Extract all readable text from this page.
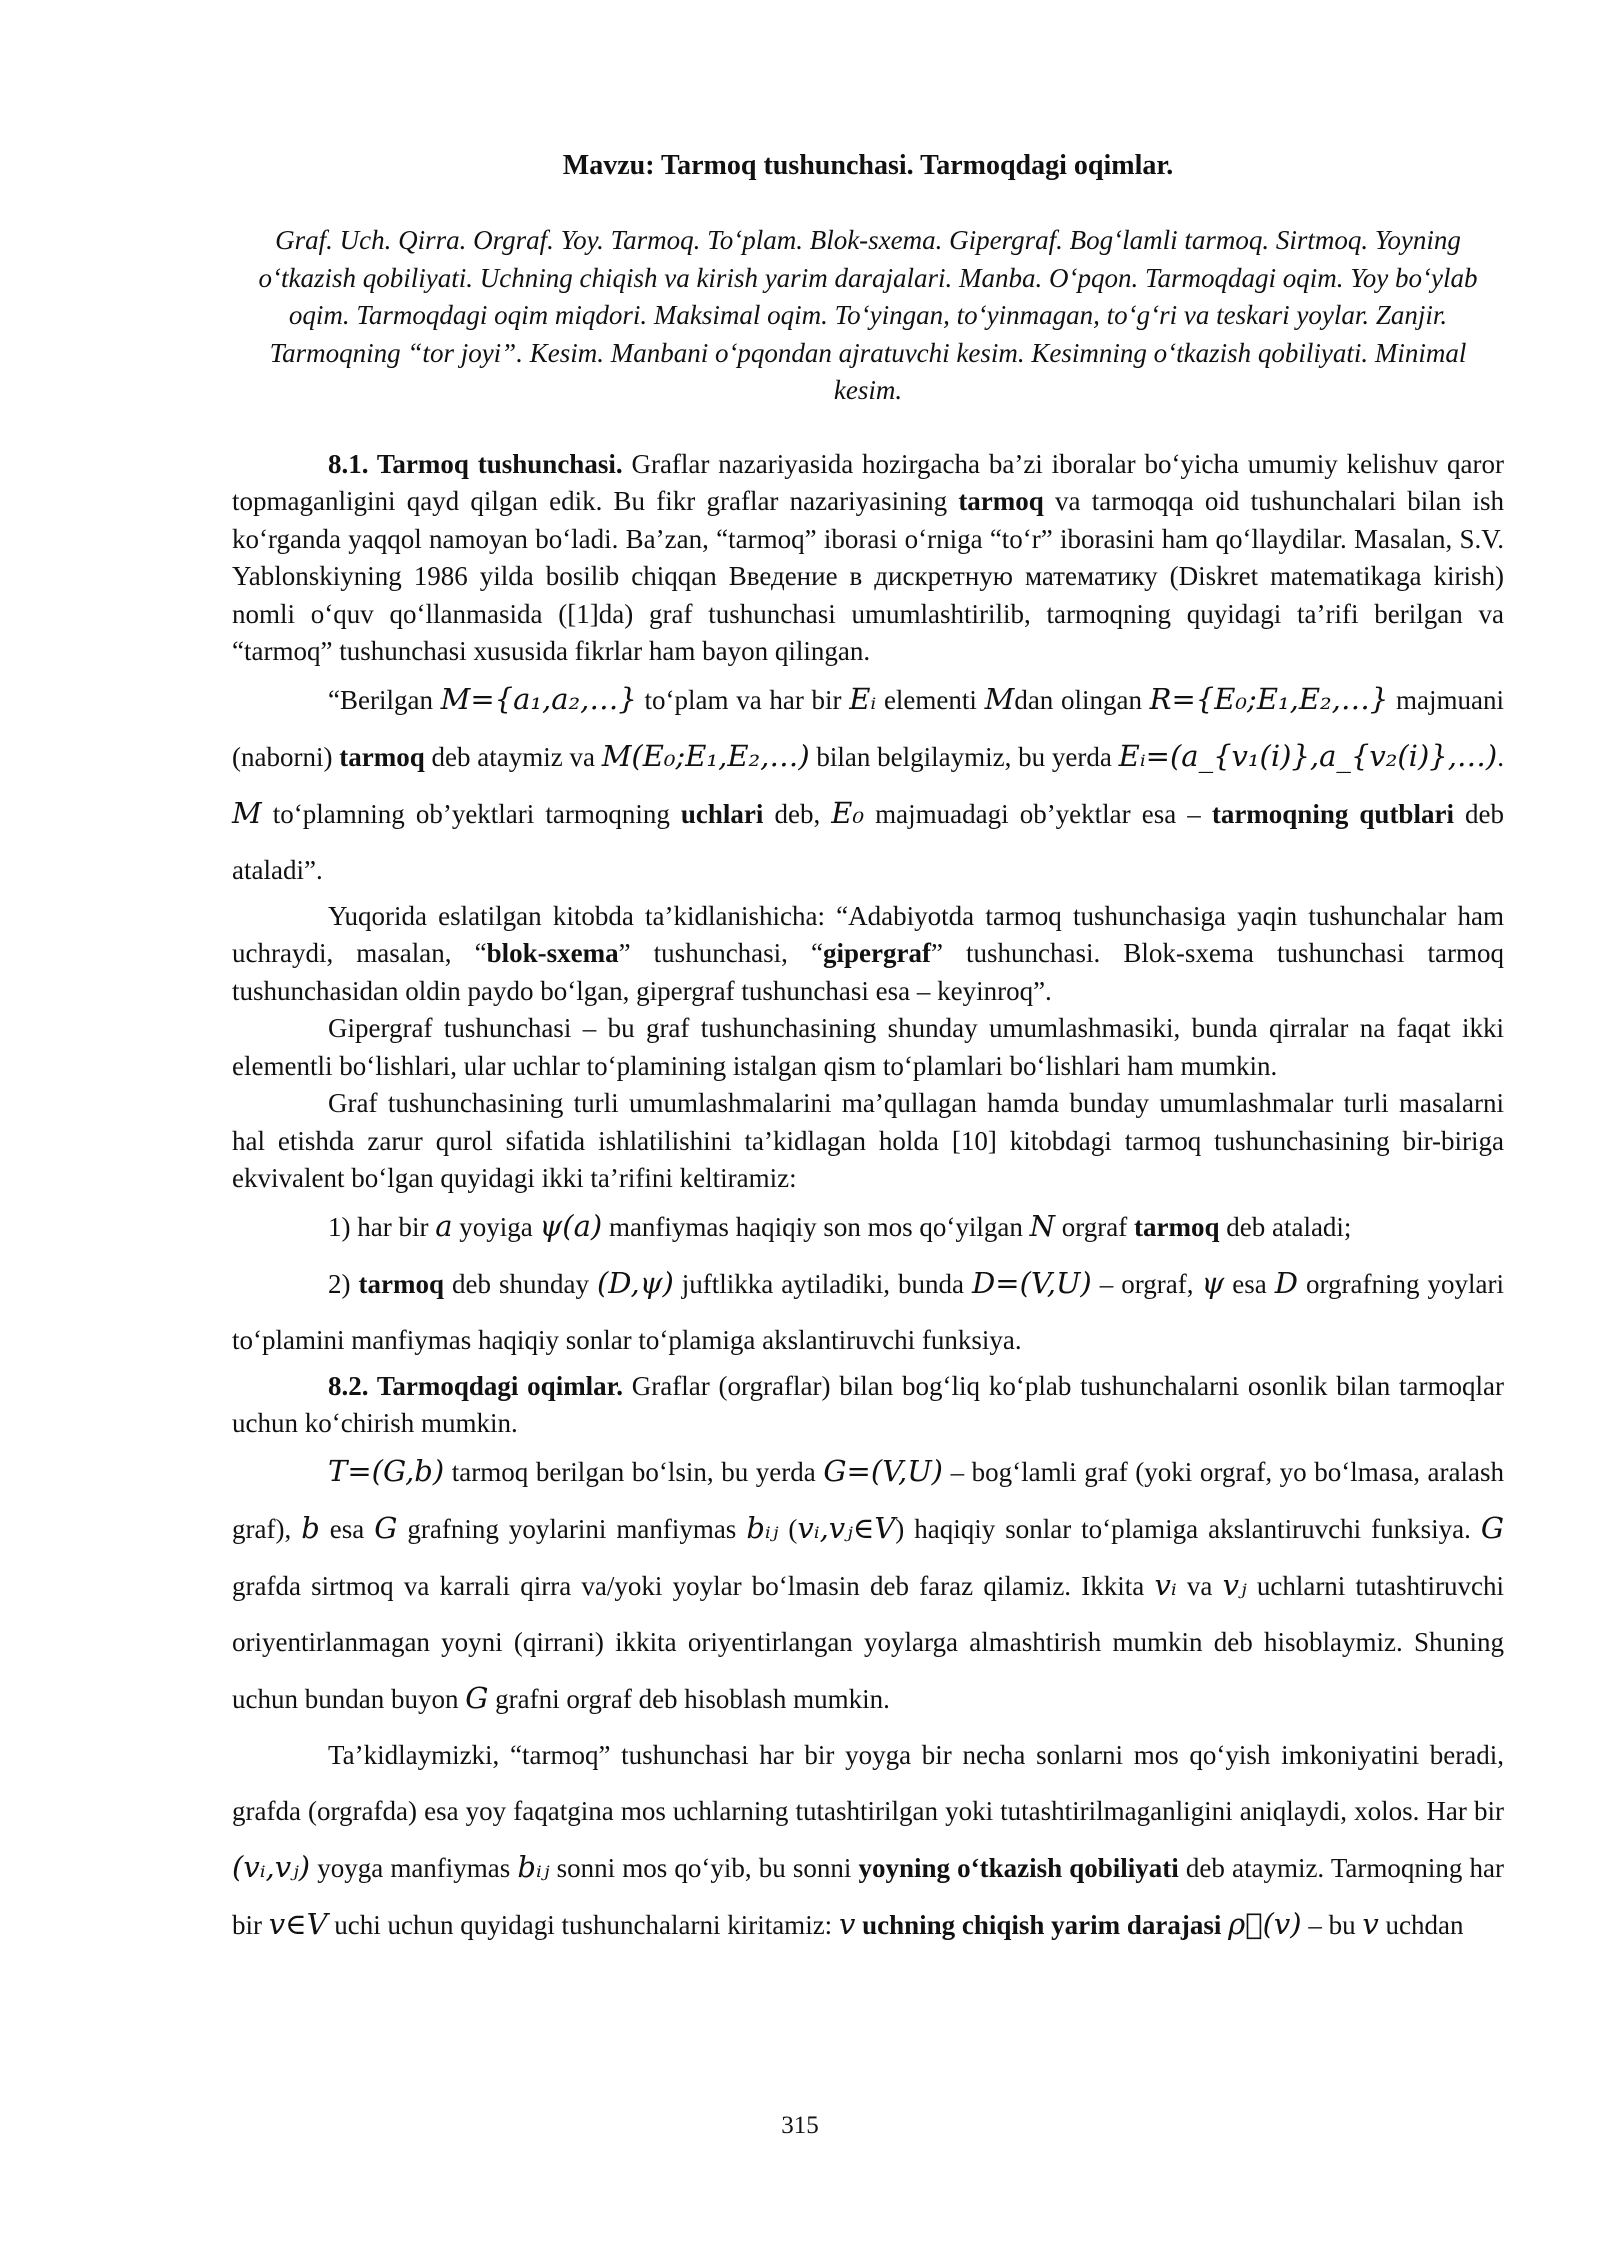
Mavzu: Tarmoq tushunchasi. Tarmoqdagi oqimlar.

Graf. Uch. Qirra. Orgraf. Yoy. Tarmoq. To‘plam. Blok-sxema. Gipergraf. Bog‘lamli tarmoq. Sirtmoq. Yoyning o‘tkazish qobiliyati. Uchning chiqish va kirish yarim darajalari. Manba. O‘pqon. Tarmoqdagi oqim. Yoy bo‘ylab oqim. Tarmoqdagi oqim miqdori. Maksimal oqim. To‘yingan, to‘yinmagan, to‘g‘ri va teskari yoylar. Zanjir. Tarmoqning “tor joyi”. Kesim. Manbani o‘pqondan ajratuvchi kesim. Kesimning o‘tkazish qobiliyati. Minimal kesim.

8.1. Tarmoq tushunchasi. Graflar nazariyasida hozirgacha ba’zi iboralar bo‘yicha umumiy kelishuv qaror topmaganligini qayd qilgan edik. Bu fikr graflar nazariyasining tarmoq va tarmoqqa oid tushunchalari bilan ish ko‘rganda yaqqol namoyan bo‘ladi. Ba’zan, “tarmoq” iborasi o‘rniga “to‘r” iborasini ham qo‘llaydilar. Masalan, S.V. Yablonskiyning 1986 yilda bosilib chiqqan Введение в дискретную математику (Diskret matematikaga kirish) nomli o‘quv qo‘llanmasida ([1]da) graf tushunchasi umumlashtirilib, tarmoqning quyidagi ta’rifi berilgan va “tarmoq” tushunchasi xususida fikrlar ham bayon qilingan.

“Berilgan M={a₁,a₂,…} to‘plam va har bir Eᵢ elementi Mdan olingan R={E₀;E₁,E₂,…} majmuani (naborni) tarmoq deb ataymiz va M(E₀;E₁,E₂,…) bilan belgilaymiz, bu yerda Eᵢ=(a_{v₁(i)},a_{v₂(i)},…). M to‘plamning ob’yektlari tarmoqning uchlari deb, E₀ majmuadagi ob’yektlar esa – tarmoqning qutblari deb ataladi”.

Yuqorida eslatilgan kitobda ta’kidlanishicha: “Adabiyotda tarmoq tushunchasiga yaqin tushunchalar ham uchraydi, masalan, “blok-sxema” tushunchasi, “gipergraf” tushunchasi. Blok-sxema tushunchasi tarmoq tushunchasidan oldin paydo bo‘lgan, gipergraf tushunchasi esa – keyinroq”.

Gipergraf tushunchasi – bu graf tushunchasining shunday umumlashmasiki, bunda qirralar na faqat ikki elementli bo‘lishlari, ular uchlar to‘plamining istalgan qism to‘plamlari bo‘lishlari ham mumkin.

Graf tushunchasining turli umumlashmalarini ma’qullagan hamda bunday umumlashmalar turli masalarni hal etishda zarur qurol sifatida ishlatilishini ta’kidlagan holda [10] kitobdagi tarmoq tushunchasining bir-biriga ekvivalent bo‘lgan quyidagi ikki ta’rifini keltiramiz:

1) har bir a yoyiga ψ(a) manfiymas haqiqiy son mos qo‘yilgan N orgraf tarmoq deb ataladi;

2) tarmoq deb shunday (D,ψ) juftlikka aytiladiki, bunda D=(V,U) – orgraf, ψ esa D orgrafning yoylari to‘plamini manfiymas haqiqiy sonlar to‘plamiga akslantiruvchi funksiya.

8.2. Tarmoqdagi oqimlar. Graflar (orgraflar) bilan bog‘liq ko‘plab tushunchalarni osonlik bilan tarmoqlar uchun ko‘chirish mumkin.

T=(G,b) tarmoq berilgan bo‘lsin, bu yerda G=(V,U) – bog‘lamli graf (yoki orgraf, yo bo‘lmasa, aralash graf), b esa G grafning yoylarini manfiymas bᵢⱼ (vᵢ,vⱼ∈V) haqiqiy sonlar to‘plamiga akslantiruvchi funksiya. G grafda sirtmoq va karrali qirra va/yoki yoylar bo‘lmasin deb faraz qilamiz. Ikkita vᵢ va vⱼ uchlarni tutashtiruvchi oriyentirlanmagan yoyni (qirrani) ikkita oriyentirlangan yoylarga almashtirish mumkin deb hisoblaymiz. Shuning uchun bundan buyon G grafni orgraf deb hisoblash mumkin.

Ta’kidlaymizki, “tarmoq” tushunchasi har bir yoyga bir necha sonlarni mos qo‘yish imkoniyatini beradi, grafda (orgrafda) esa yoy faqatgina mos uchlarning tutashtirilgan yoki tutashtirilmaganligini aniqlaydi, xolos. Har bir (vᵢ,vⱼ) yoyga manfiymas bᵢⱼ sonni mos qo‘yib, bu sonni yoyning o‘tkazish qobiliyati deb ataymiz. Tarmoqning har bir v∈V uchi uchun quyidagi tushunchalarni kiritamiz: v uchning chiqish yarim darajasi ρ⃗(v) – bu v uchdan

315
